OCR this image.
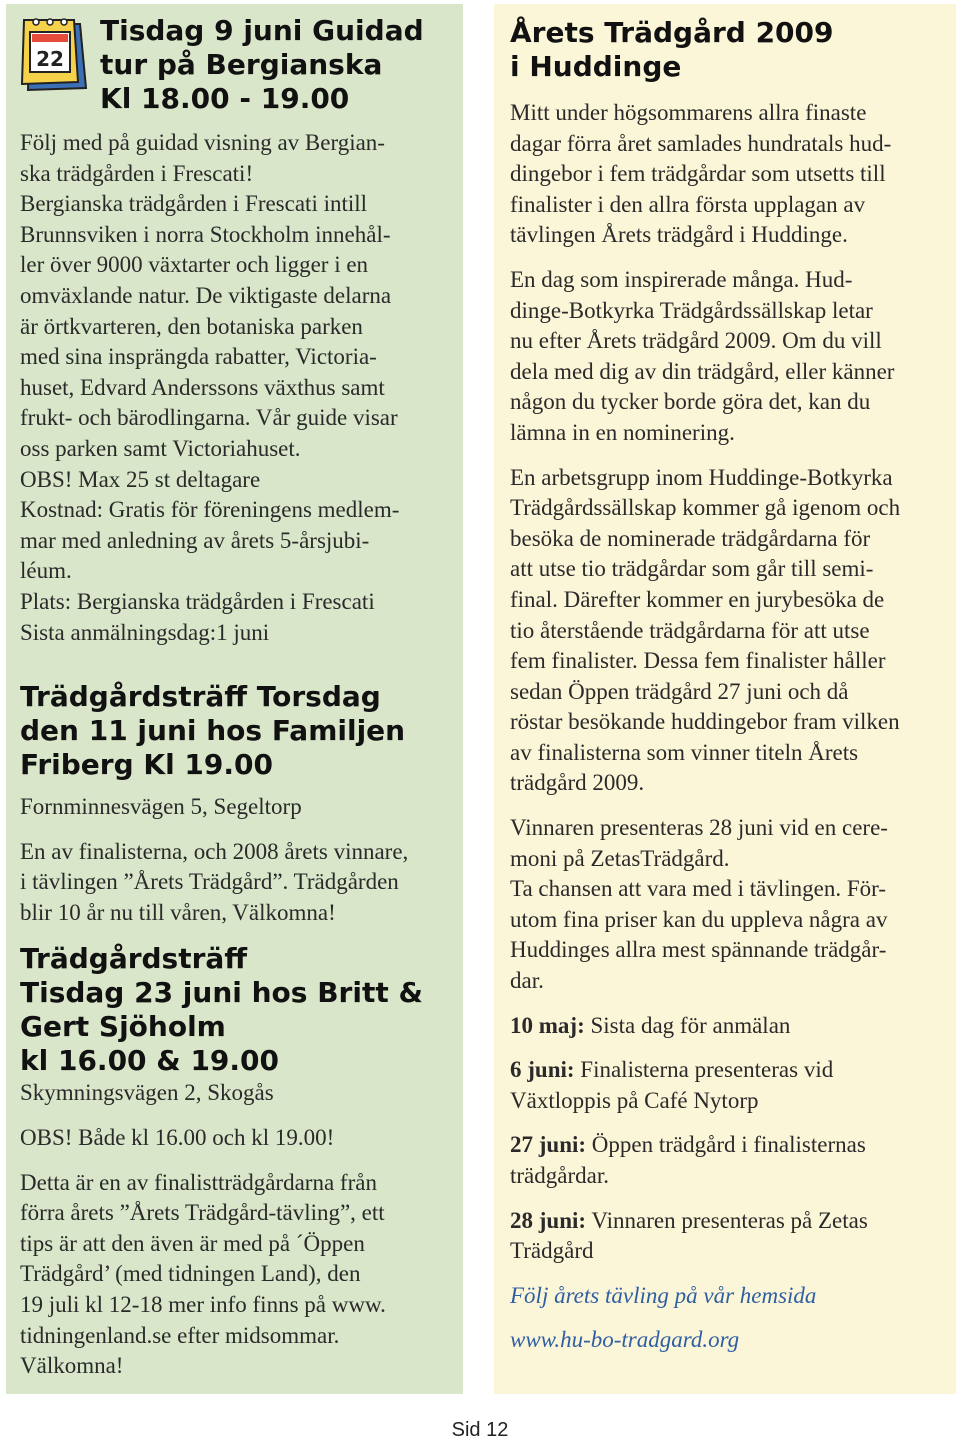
22
Tisdag 9 juni Guidad
tur på Bergianska
Kl 18.00 - 19.00

Följ med på guidad visning av Bergian-
ska trädgården i Frescati!
Bergianska trädgården i Frescati intill
Brunnsviken i norra Stockholm innehål-
ler över 9000 växtarter och ligger i en
omväxlande natur. De viktigaste delarna
är örtkvarteren, den botaniska parken
med sina insprängda rabatter, Victoria-
huset, Edvard Anderssons växthus samt
frukt- och bärodlingarna. Vår guide visar
oss parken samt Victoriahuset.
OBS! Max 25 st deltagare
Kostnad: Gratis för föreningens medlem-
mar med anledning av årets 5-årsjubi-
léum.
Plats: Bergianska trädgården i Frescati
Sista anmälningsdag:1 juni

Trädgårdsträff Torsdag
den 11 juni hos Familjen
Friberg Kl 19.00

Fornminnesvägen 5, Segeltorp

En av finalisterna, och 2008 årets vinnare,
i tävlingen ”Årets Trädgård”. Trädgården
blir 10 år nu till våren, Välkomna!

Trädgårdsträff
Tisdag 23 juni hos Britt &
Gert Sjöholm
kl 16.00 & 19.00

Skymningsvägen 2, Skogås

OBS! Både kl 16.00 och kl 19.00!

Detta är en av finalistträdgårdarna från
förra årets ”Årets Trädgård-tävling”, ett
tips är att den även är med på ´Öppen
Trädgård’ (med tidningen Land), den
19 juli kl 12-18 mer info finns på www.
tidningenland.se efter midsommar.
Välkomna!

Årets Trädgård 2009
i Huddinge

Mitt under högsommarens allra finaste
dagar förra året samlades hundratals hud-
dingebor i fem trädgårdar som utsetts till
finalister i den allra första upplagan av
tävlingen Årets trädgård i Huddinge.

En dag som inspirerade många. Hud-
dinge-Botkyrka Trädgårdssällskap letar
nu efter Årets trädgård 2009. Om du vill
dela med dig av din trädgård, eller känner
någon du tycker borde göra det, kan du
lämna in en nominering.

En arbetsgrupp inom Huddinge-Botkyrka
Trädgårdssällskap kommer gå igenom och
besöka de nominerade trädgårdarna för
att utse tio trädgårdar som går till semi-
final. Därefter kommer en jurybesöka de
tio återstående trädgårdarna för att utse
fem finalister. Dessa fem finalister håller
sedan Öppen trädgård 27 juni och då
röstar besökande huddingebor fram vilken
av finalisterna som vinner titeln Årets
trädgård 2009.

Vinnaren presenteras 28 juni vid en cere-
moni på ZetasTrädgård.
Ta chansen att vara med i tävlingen. För-
utom fina priser kan du uppleva några av
Huddinges allra mest spännande trädgår-
dar.

10 maj: Sista dag för anmälan

6 juni: Finalisterna presenteras vid
Växtloppis på Café Nytorp

27 juni: Öppen trädgård i finalisternas
trädgårdar.

28 juni: Vinnaren presenteras på Zetas
Trädgård

Följ årets tävling på vår hemsida

www.hu-bo-tradgard.org

Sid 12
